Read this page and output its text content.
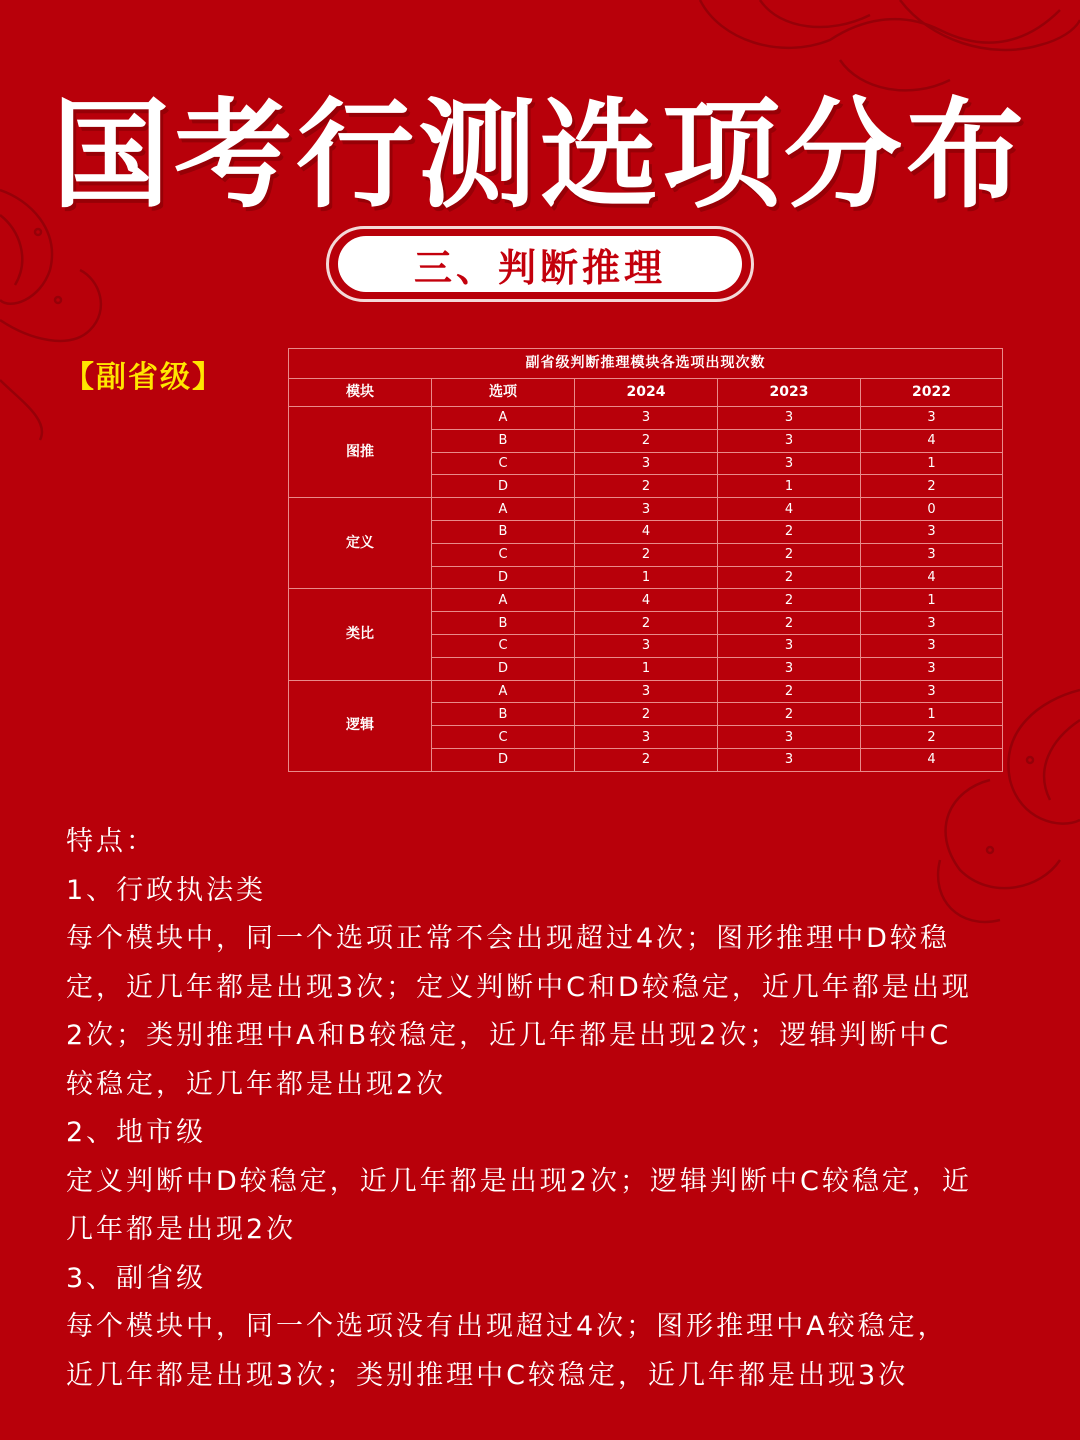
国考行测选项分布
三、判断推理
【副省级】	副省级判断推理模块各选项出现次数				
模块	选项	2024	2023	2022
图推	A	3	3	3
	B	2	3	4
	C	3	3	1
	D	2	1	2
定义	A	3	4	0
	B	4	2	3
	C	2	2	3
	D	1	2	4
类比	A	4	2	1
	B	2	2	3
	C	3	3	3
	D	1	3	3
逻辑	A	3	2	3
	B	2	2	1
	C	3	3	2
	D	2	3	4

特点：

1、行政执法类

每个模块中，同一个选项正常不会出现超过4次；图形推理中D较稳

定，近几年都是出现3次；定义判断中C和D较稳定，近几年都是出现

2次；类别推理中A和B较稳定，近几年都是出现2次；逻辑判断中C

较稳定，近几年都是出现2次

2、地市级

定义判断中D较稳定，近几年都是出现2次；逻辑判断中C较稳定，近

几年都是出现2次

3、副省级

每个模块中，同一个选项没有出现超过4次；图形推理中A较稳定，

近几年都是出现3次；类别推理中C较稳定，近几年都是出现3次
